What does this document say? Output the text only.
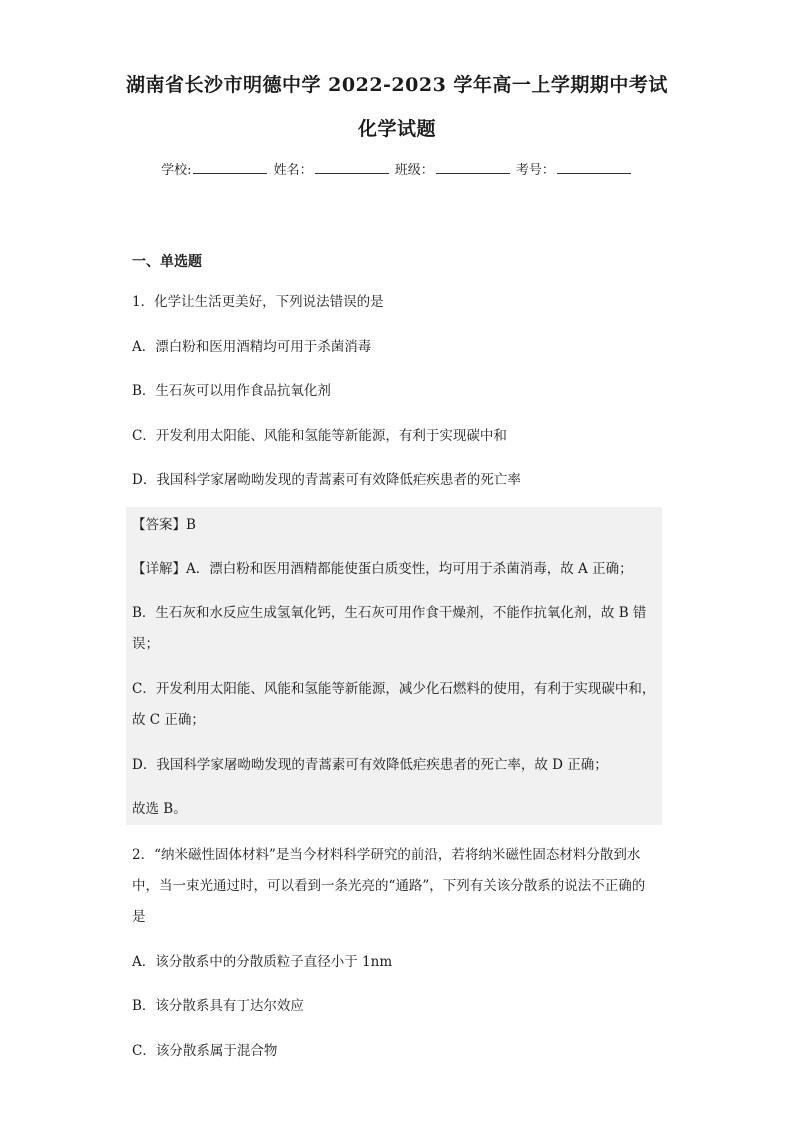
湖南省长沙市明德中学 2022-2023 学年高一上学期期中考试
化学试题
学校:	姓名：	班级：	考号：
一、单选题
1．化学让生活更美好，下列说法错误的是
A．漂白粉和医用酒精均可用于杀菌消毒
B．生石灰可以用作食品抗氧化剂
C．开发利用太阳能、风能和氢能等新能源，有利于实现碳中和
D．我国科学家屠呦呦发现的青蒿素可有效降低疟疾患者的死亡率
【答案】B
【详解】A．漂白粉和医用酒精都能使蛋白质变性，均可用于杀菌消毒，故 A 正确；
B．生石灰和水反应生成氢氧化钙，生石灰可用作食干燥剂，不能作抗氧化剂，故 B 错
误；
C．开发利用太阳能、风能和氢能等新能源，减少化石燃料的使用，有利于实现碳中和，
故 C 正确；
D．我国科学家屠呦呦发现的青蒿素可有效降低疟疾患者的死亡率，故 D 正确；
故选 B。
2．“纳米磁性固体材料”是当今材料科学研究的前沿，若将纳米磁性固态材料分散到水
中，当一束光通过时，可以看到一条光亮的“通路”，下列有关该分散系的说法不正确的
是
A．该分散系中的分散质粒子直径小于 1nm
B．该分散系具有丁达尔效应
C．该分散系属于混合物
